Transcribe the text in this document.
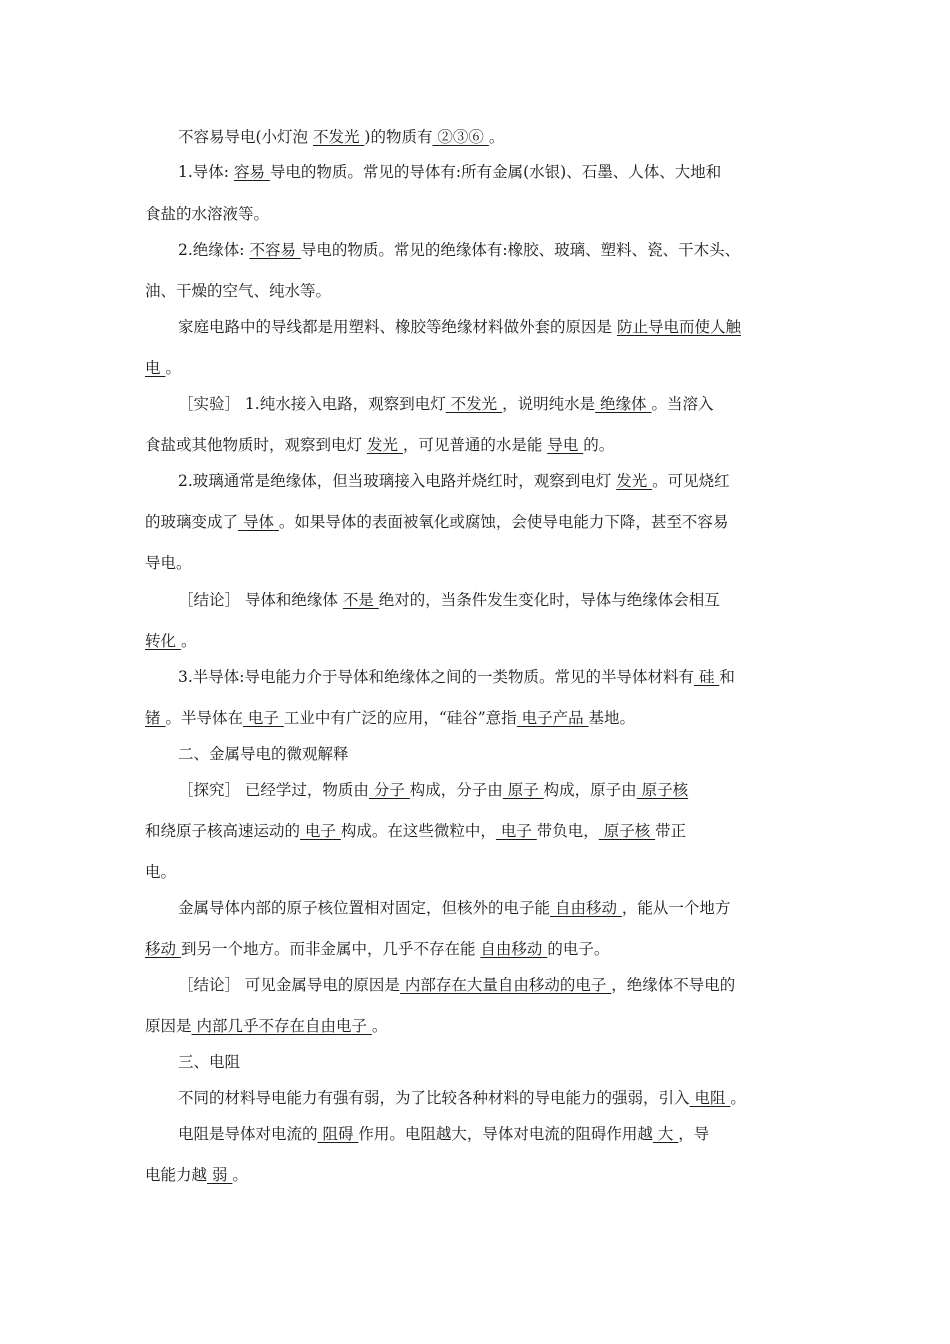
不容易导电(小灯泡 不发光 )的物质有 ②③⑥ 。
1.导体: 容易 导电的物质。常见的导体有:所有金属(水银)、石墨、人体、大地和
食盐的水溶液等。
2.绝缘体: 不容易 导电的物质。常见的绝缘体有:橡胶、玻璃、塑料、瓷、干木头、
油、干燥的空气、纯水等。
家庭电路中的导线都是用塑料、橡胶等绝缘材料做外套的原因是 防止导电而使人触
电 。
［实验］ 1.纯水接入电路，观察到电灯 不发光 ，说明纯水是 绝缘体 。当溶入
食盐或其他物质时，观察到电灯 发光 ，可见普通的水是能 导电 的。
2.玻璃通常是绝缘体，但当玻璃接入电路并烧红时，观察到电灯 发光 。可见烧红
的玻璃变成了 导体 。如果导体的表面被氧化或腐蚀，会使导电能力下降，甚至不容易
导电。
［结论］ 导体和绝缘体 不是 绝对的，当条件发生变化时，导体与绝缘体会相互
转化 。
3.半导体:导电能力介于导体和绝缘体之间的一类物质。常见的半导体材料有 硅 和
锗 。半导体在 电子 工业中有广泛的应用，“硅谷”意指 电子产品 基地。
二、金属导电的微观解释
［探究］ 已经学过，物质由 分子 构成，分子由 原子 构成，原子由 原子核
和绕原子核高速运动的 电子 构成。在这些微粒中， 电子 带负电， 原子核 带正
电。
金属导体内部的原子核位置相对固定，但核外的电子能 自由移动 ，能从一个地方
移动 到另一个地方。而非金属中，几乎不存在能 自由移动 的电子。
［结论］ 可见金属导电的原因是 内部存在大量自由移动的电子 ，绝缘体不导电的
原因是 内部几乎不存在自由电子 。
三、电阻
不同的材料导电能力有强有弱，为了比较各种材料的导电能力的强弱，引入 电阻 。
电阻是导体对电流的 阻碍 作用。电阻越大，导体对电流的阻碍作用越 大 ，导
电能力越 弱 。
